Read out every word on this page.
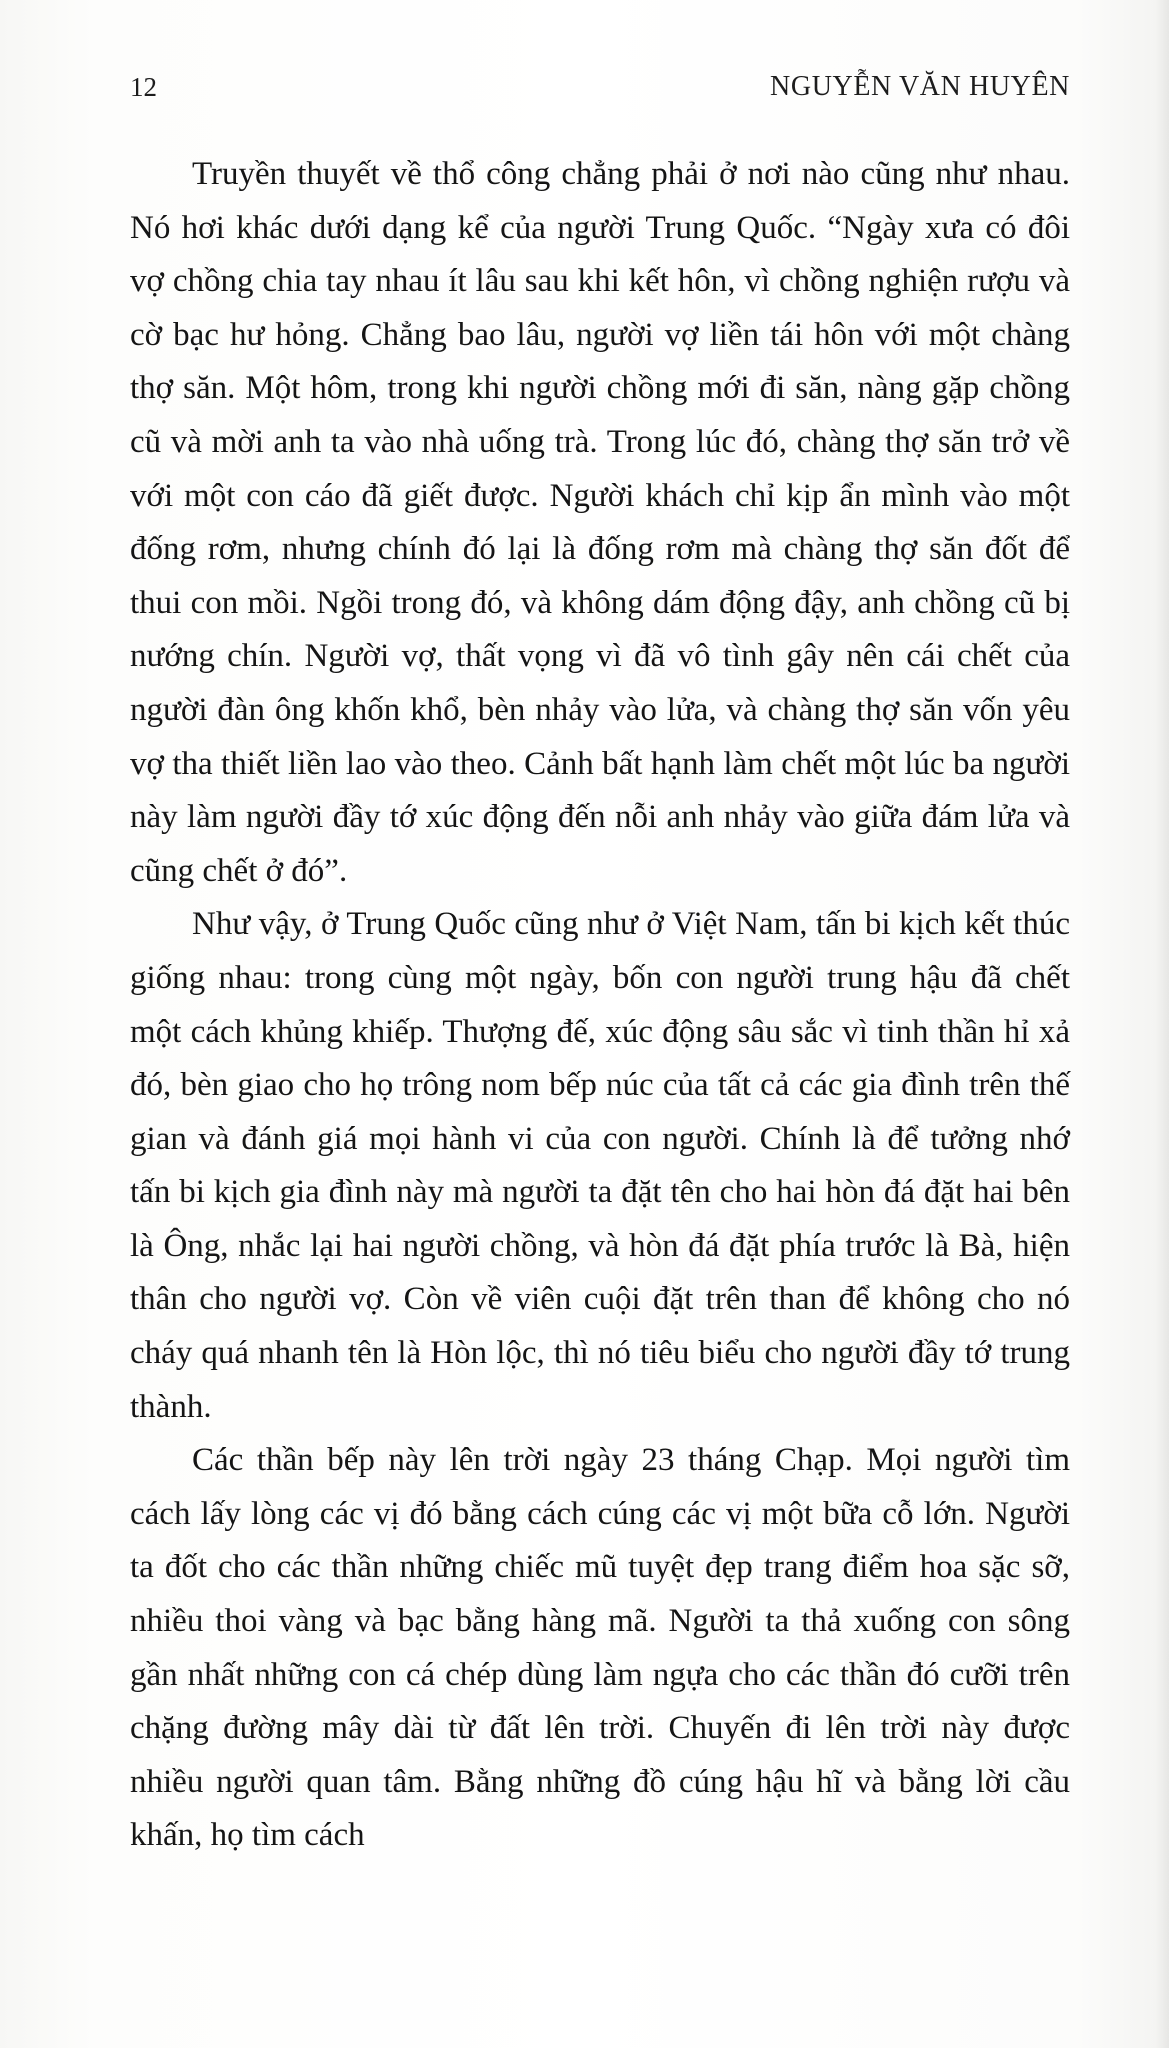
12	NGUYỄN VĂN HUYÊN

Truyền thuyết về thổ công chẳng phải ở nơi nào cũng như nhau. Nó hơi khác dưới dạng kể của người Trung Quốc. “Ngày xưa có đôi vợ chồng chia tay nhau ít lâu sau khi kết hôn, vì chồng nghiện rượu và cờ bạc hư hỏng. Chẳng bao lâu, người vợ liền tái hôn với một chàng thợ săn. Một hôm, trong khi người chồng mới đi săn, nàng gặp chồng cũ và mời anh ta vào nhà uống trà. Trong lúc đó, chàng thợ săn trở về với một con cáo đã giết được. Người khách chỉ kịp ẩn mình vào một đống rơm, nhưng chính đó lại là đống rơm mà chàng thợ săn đốt để thui con mồi. Ngồi trong đó, và không dám động đậy, anh chồng cũ bị nướng chín. Người vợ, thất vọng vì đã vô tình gây nên cái chết của người đàn ông khốn khổ, bèn nhảy vào lửa, và chàng thợ săn vốn yêu vợ tha thiết liền lao vào theo. Cảnh bất hạnh làm chết một lúc ba người này làm người đầy tớ xúc động đến nỗi anh nhảy vào giữa đám lửa và cũng chết ở đó”.

Như vậy, ở Trung Quốc cũng như ở Việt Nam, tấn bi kịch kết thúc giống nhau: trong cùng một ngày, bốn con người trung hậu đã chết một cách khủng khiếp. Thượng đế, xúc động sâu sắc vì tinh thần hỉ xả đó, bèn giao cho họ trông nom bếp núc của tất cả các gia đình trên thế gian và đánh giá mọi hành vi của con người. Chính là để tưởng nhớ tấn bi kịch gia đình này mà người ta đặt tên cho hai hòn đá đặt hai bên là Ông, nhắc lại hai người chồng, và hòn đá đặt phía trước là Bà, hiện thân cho người vợ. Còn về viên cuội đặt trên than để không cho nó cháy quá nhanh tên là Hòn lộc, thì nó tiêu biểu cho người đầy tớ trung thành.

Các thần bếp này lên trời ngày 23 tháng Chạp. Mọi người tìm cách lấy lòng các vị đó bằng cách cúng các vị một bữa cỗ lớn. Người ta đốt cho các thần những chiếc mũ tuyệt đẹp trang điểm hoa sặc sỡ, nhiều thoi vàng và bạc bằng hàng mã. Người ta thả xuống con sông gần nhất những con cá chép dùng làm ngựa cho các thần đó cưỡi trên chặng đường mây dài từ đất lên trời. Chuyến đi lên trời này được nhiều người quan tâm. Bằng những đồ cúng hậu hĩ và bằng lời cầu khấn, họ tìm cách
